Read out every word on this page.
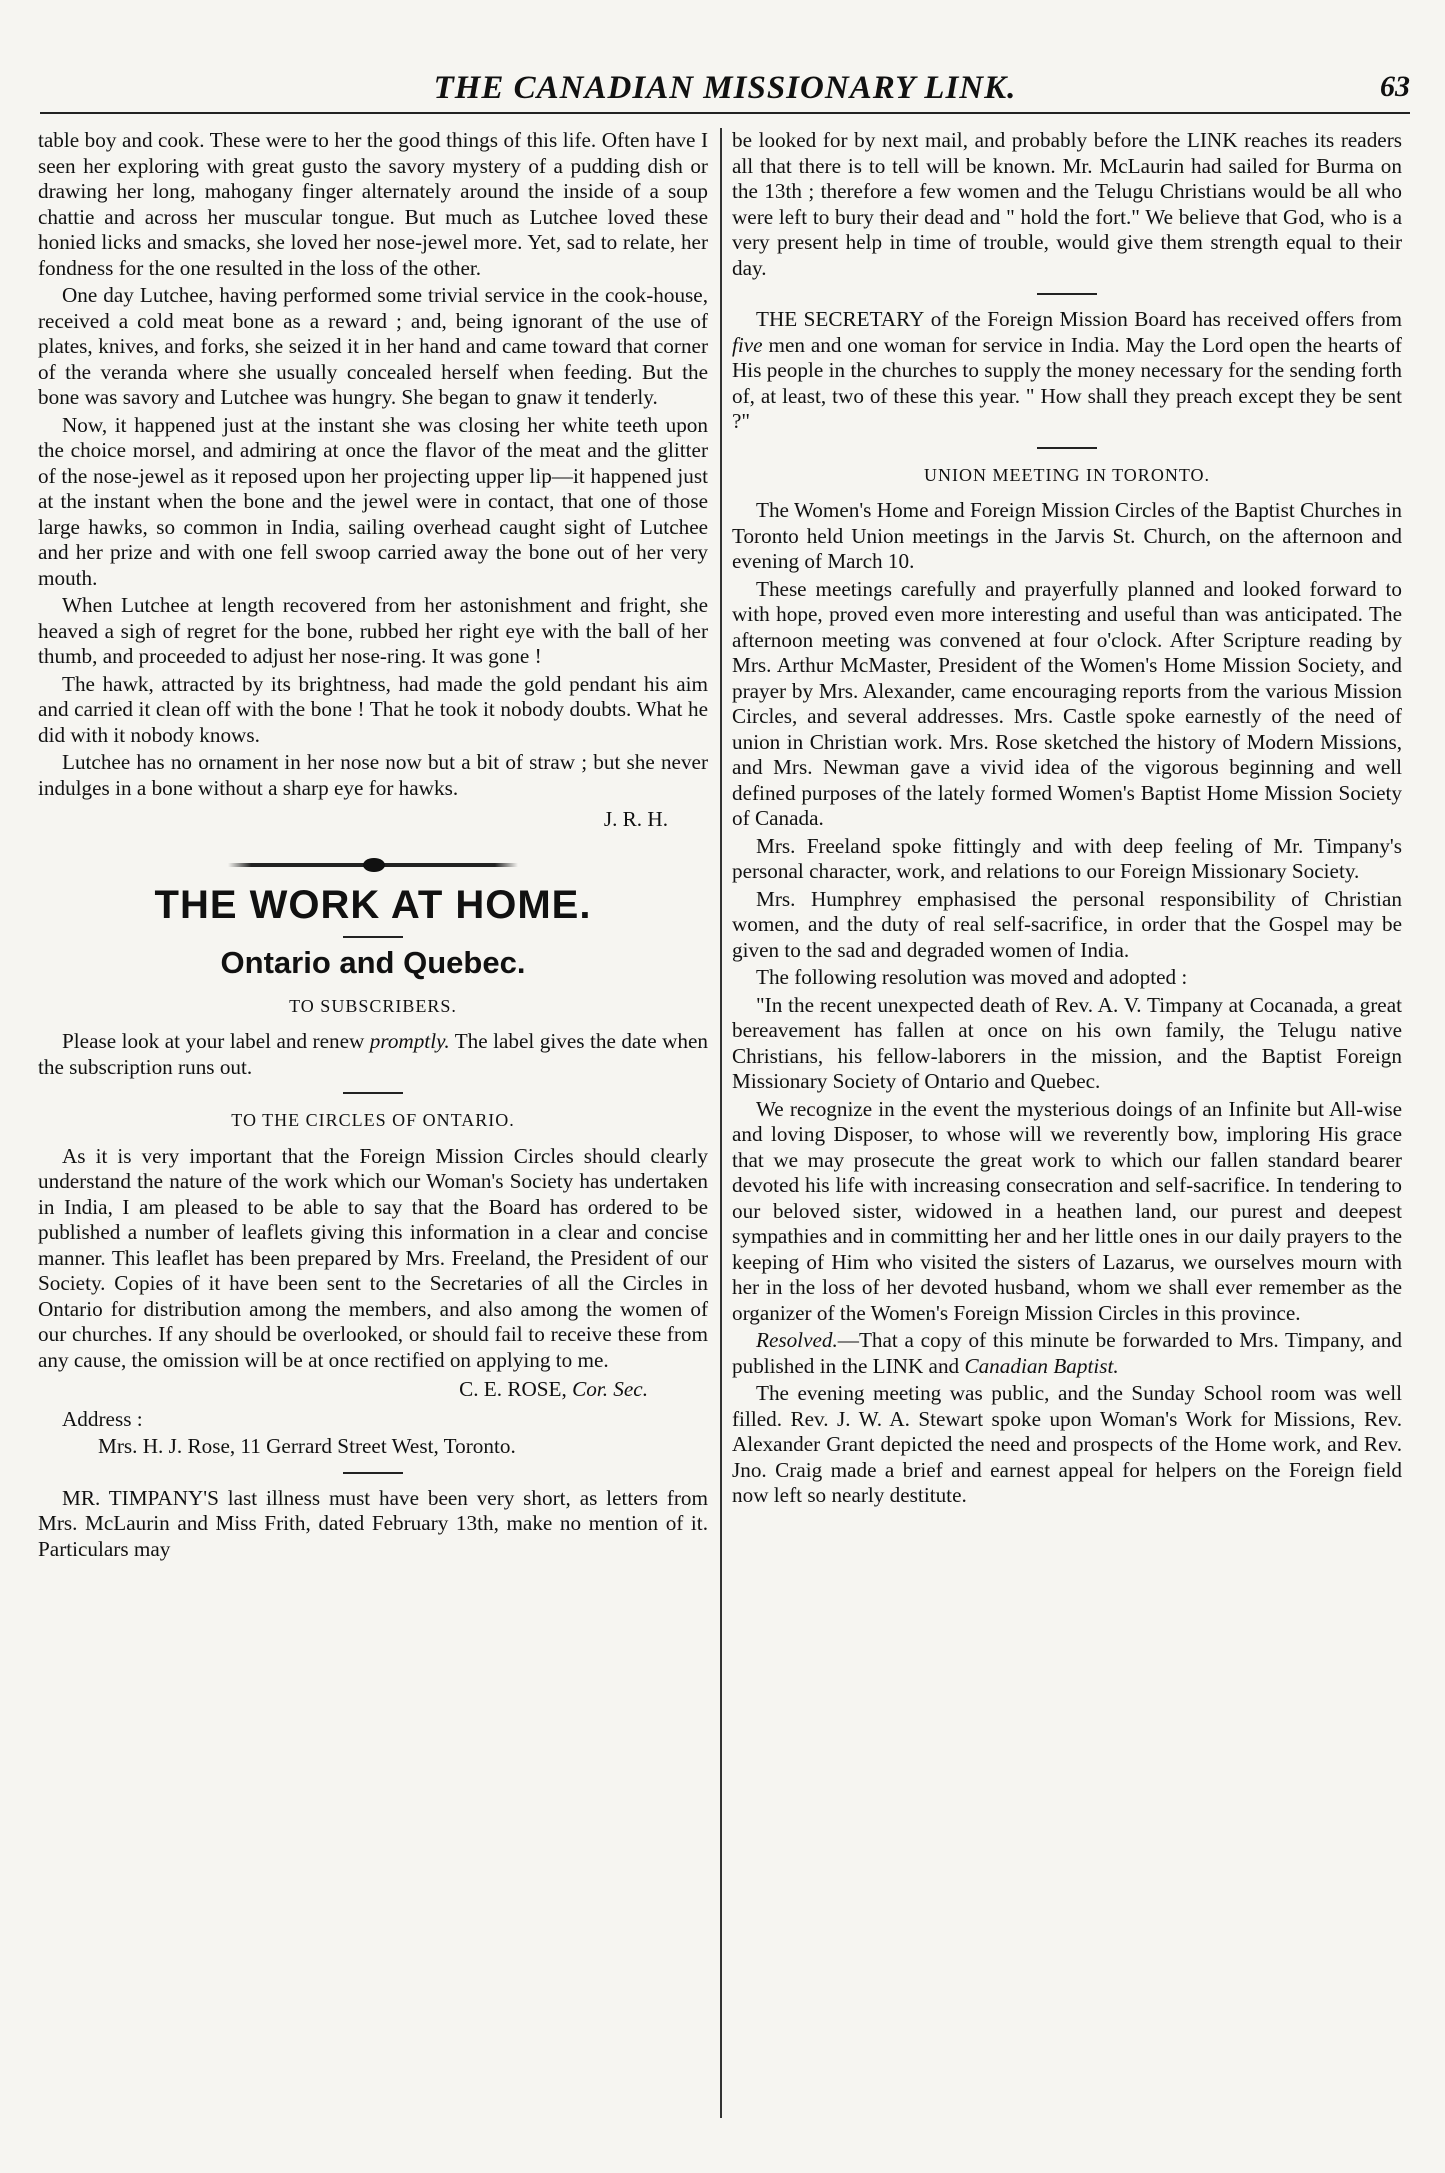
THE CANADIAN MISSIONARY LINK.	63

table boy and cook. These were to her the good things of this life. Often have I seen her exploring with great gusto the savory mystery of a pudding dish or drawing her long, mahogany finger alternately around the inside of a soup chattie and across her muscular tongue. But much as Lutchee loved these honied licks and smacks, she loved her nose-jewel more. Yet, sad to relate, her fondness for the one resulted in the loss of the other.

One day Lutchee, having performed some trivial service in the cook-house, received a cold meat bone as a reward ; and, being ignorant of the use of plates, knives, and forks, she seized it in her hand and came toward that corner of the veranda where she usually concealed herself when feeding. But the bone was savory and Lutchee was hungry. She began to gnaw it tenderly.

Now, it happened just at the instant she was closing her white teeth upon the choice morsel, and admiring at once the flavor of the meat and the glitter of the nose-jewel as it reposed upon her projecting upper lip—it happened just at the instant when the bone and the jewel were in contact, that one of those large hawks, so common in India, sailing overhead caught sight of Lutchee and her prize and with one fell swoop carried away the bone out of her very mouth.

When Lutchee at length recovered from her astonishment and fright, she heaved a sigh of regret for the bone, rubbed her right eye with the ball of her thumb, and proceeded to adjust her nose-ring. It was gone !

The hawk, attracted by its brightness, had made the gold pendant his aim and carried it clean off with the bone ! That he took it nobody doubts. What he did with it nobody knows.

Lutchee has no ornament in her nose now but a bit of straw ; but she never indulges in a bone without a sharp eye for hawks.

J. R. H.
THE WORK AT HOME.
Ontario and Quebec.
TO SUBSCRIBERS.

Please look at your label and renew promptly. The label gives the date when the subscription runs out.

TO THE CIRCLES OF ONTARIO.

As it is very important that the Foreign Mission Circles should clearly understand the nature of the work which our Woman's Society has undertaken in India, I am pleased to be able to say that the Board has ordered to be published a number of leaflets giving this information in a clear and concise manner. This leaflet has been prepared by Mrs. Freeland, the President of our Society. Copies of it have been sent to the Secretaries of all the Circles in Ontario for distribution among the members, and also among the women of our churches. If any should be overlooked, or should fail to receive these from any cause, the omission will be at once rectified on applying to me.

C. E. ROSE, Cor. Sec.

Address :

Mrs. H. J. Rose, 11 Gerrard Street West, Toronto.

MR. TIMPANY'S last illness must have been very short, as letters from Mrs. McLaurin and Miss Frith, dated February 13th, make no mention of it. Particulars may

be looked for by next mail, and probably before the LINK reaches its readers all that there is to tell will be known. Mr. McLaurin had sailed for Burma on the 13th ; therefore a few women and the Telugu Christians would be all who were left to bury their dead and " hold the fort." We believe that God, who is a very present help in time of trouble, would give them strength equal to their day.

THE SECRETARY of the Foreign Mission Board has received offers from five men and one woman for service in India. May the Lord open the hearts of His people in the churches to supply the money necessary for the sending forth of, at least, two of these this year. " How shall they preach except they be sent ?"

UNION MEETING IN TORONTO.

The Women's Home and Foreign Mission Circles of the Baptist Churches in Toronto held Union meetings in the Jarvis St. Church, on the afternoon and evening of March 10.

These meetings carefully and prayerfully planned and looked forward to with hope, proved even more interesting and useful than was anticipated. The afternoon meeting was convened at four o'clock. After Scripture reading by Mrs. Arthur McMaster, President of the Women's Home Mission Society, and prayer by Mrs. Alexander, came encouraging reports from the various Mission Circles, and several addresses. Mrs. Castle spoke earnestly of the need of union in Christian work. Mrs. Rose sketched the history of Modern Missions, and Mrs. Newman gave a vivid idea of the vigorous beginning and well defined purposes of the lately formed Women's Baptist Home Mission Society of Canada.

Mrs. Freeland spoke fittingly and with deep feeling of Mr. Timpany's personal character, work, and relations to our Foreign Missionary Society.

Mrs. Humphrey emphasised the personal responsibility of Christian women, and the duty of real self-sacrifice, in order that the Gospel may be given to the sad and degraded women of India.

The following resolution was moved and adopted :

"In the recent unexpected death of Rev. A. V. Timpany at Cocanada, a great bereavement has fallen at once on his own family, the Telugu native Christians, his fellow-laborers in the mission, and the Baptist Foreign Missionary Society of Ontario and Quebec.

We recognize in the event the mysterious doings of an Infinite but All-wise and loving Disposer, to whose will we reverently bow, imploring His grace that we may prosecute the great work to which our fallen standard bearer devoted his life with increasing consecration and self-sacrifice. In tendering to our beloved sister, widowed in a heathen land, our purest and deepest sympathies and in committing her and her little ones in our daily prayers to the keeping of Him who visited the sisters of Lazarus, we ourselves mourn with her in the loss of her devoted husband, whom we shall ever remember as the organizer of the Women's Foreign Mission Circles in this province.

Resolved.—That a copy of this minute be forwarded to Mrs. Timpany, and published in the LINK and Canadian Baptist.

The evening meeting was public, and the Sunday School room was well filled. Rev. J. W. A. Stewart spoke upon Woman's Work for Missions, Rev. Alexander Grant depicted the need and prospects of the Home work, and Rev. Jno. Craig made a brief and earnest appeal for helpers on the Foreign field now left so nearly destitute.
